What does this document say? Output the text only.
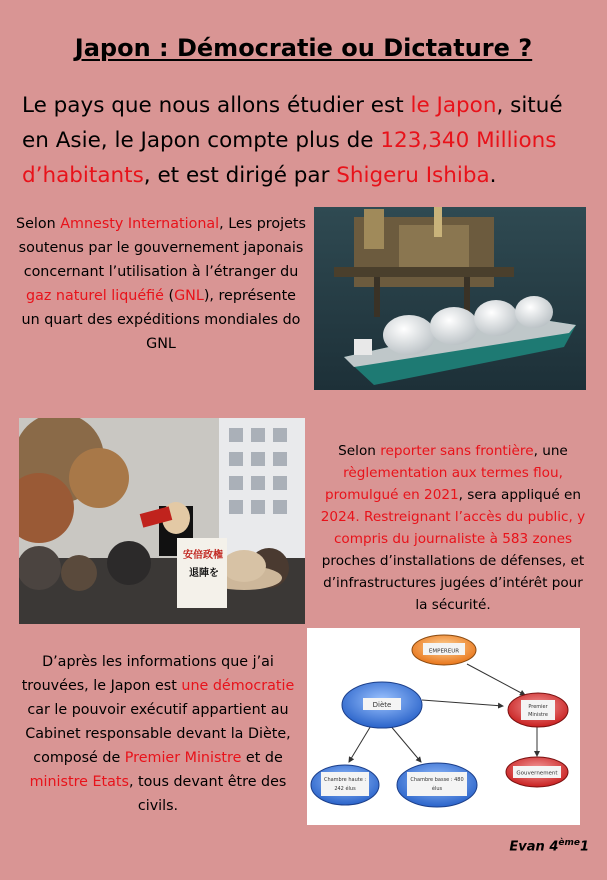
Japon : Démocratie ou Dictature ?
Le pays que nous allons étudier est le Japon, situé en Asie, le Japon compte plus de 123,340 Millions d’habitants, et est dirigé par Shigeru Ishiba.
Selon Amnesty International, Les projets soutenus par le gouvernement japonais concernant l’utilisation à l’étranger du gaz naturel liquéfié (GNL), représente un quart des expéditions mondiales do GNL
安倍政権
退陣を
Selon reporter sans frontière, une règlementation aux termes flou, promulgué en 2021, sera appliqué en 2024. Restreignant l’accès du public, y compris du journaliste à 583 zones proches d’installations de défenses, et d’infrastructures jugées d’intérêt pour la sécurité.
D’après les informations que j’ai trouvées, le Japon est une démocratie car le pouvoir exécutif appartient au Cabinet responsable devant la Diète, composé de Premier Ministre et de ministre Etats, tous devant être des civils.
EMPEREUR
Diète	Premier
Ministre
Gouvernement
Chambre haute :
242 élus
Chambre basse : 480
élus
Evan 4ème1
